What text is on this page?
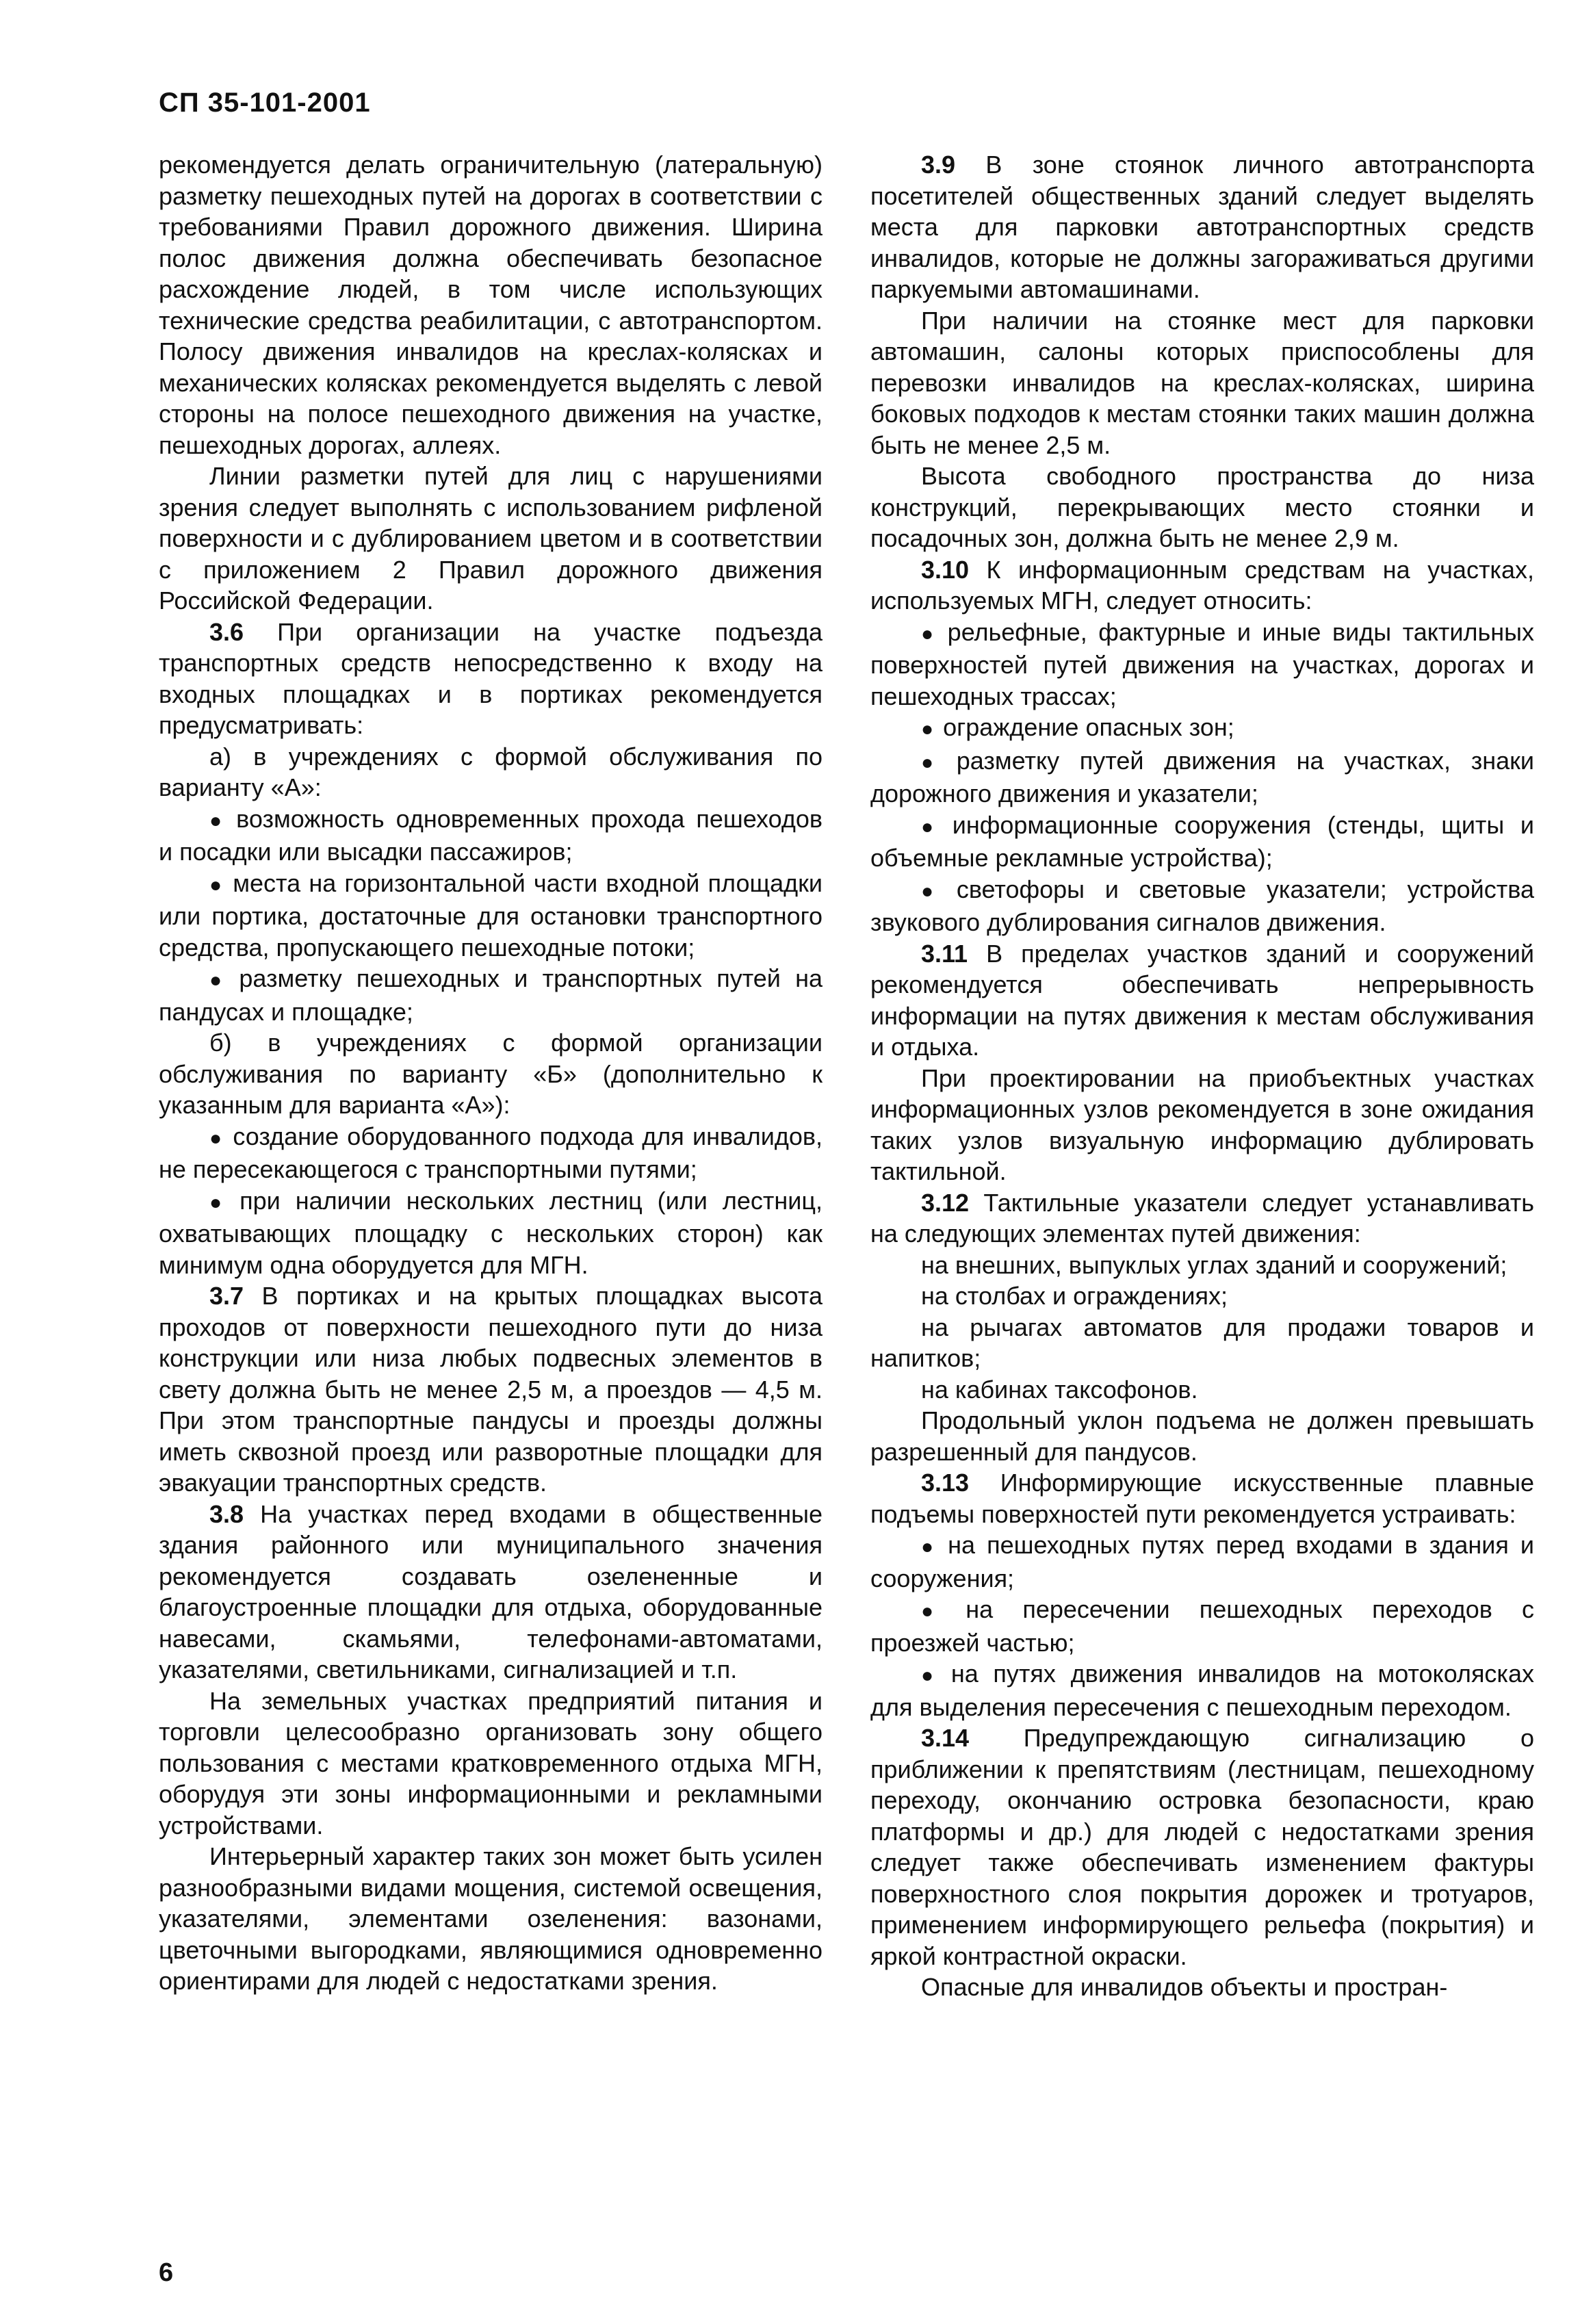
СП 35-101-2001

рекомендуется делать ограничительную (латеральную) разметку пешеходных путей на дорогах в соответствии с требованиями Правил дорожного движения. Ширина полос движения должна обеспечивать безопасное расхождение людей, в том числе использующих технические средства реабилитации, с автотранспортом. Полосу движения инвалидов на креслах-колясках и механических колясках рекомендуется выделять с левой стороны на полосе пешеходного движения на участке, пешеходных дорогах, аллеях.

Линии разметки путей для лиц с нарушениями зрения следует выполнять с использованием рифленой поверхности и с дублированием цветом и в соответствии с приложением 2 Правил дорожного движения Российской Федерации.

3.6 При организации на участке подъезда транспортных средств непосредственно к входу на входных площадках и в портиках рекомендуется предусматривать:

а) в учреждениях с формой обслуживания по варианту «А»:

● возможность одновременных прохода пешеходов и посадки или высадки пассажиров;

● места на горизонтальной части входной площадки или портика, достаточные для остановки транспортного средства, пропускающего пешеходные потоки;

● разметку пешеходных и транспортных путей на пандусах и площадке;

б) в учреждениях с формой организации обслуживания по варианту «Б» (дополнительно к указанным для варианта «А»):

● создание оборудованного подхода для инвалидов, не пересекающегося с транспортными путями;

● при наличии нескольких лестниц (или лестниц, охватывающих площадку с нескольких сторон) как минимум одна оборудуется для МГН.

3.7 В портиках и на крытых площадках высота проходов от поверхности пешеходного пути до низа конструкции или низа любых подвесных элементов в свету должна быть не менее 2,5 м, а проездов — 4,5 м. При этом транспортные пандусы и проезды должны иметь сквозной проезд или разворотные площадки для эвакуации транспортных средств.

3.8 На участках перед входами в общественные здания районного или муниципального значения рекомендуется создавать озелененные и благоустроенные площадки для отдыха, оборудованные навесами, скамьями, телефонами-автоматами, указателями, светильниками, сигнализацией и т.п.

На земельных участках предприятий питания и торговли целесообразно организовать зону общего пользования с местами кратковременного отдыха МГН, оборудуя эти зоны информационными и рекламными устройствами.

Интерьерный характер таких зон может быть усилен разнообразными видами мощения, системой освещения, указателями, элементами озеленения: вазонами, цветочными выгородками, являющимися одновременно ориентирами для людей с недостатками зрения.

3.9 В зоне стоянок личного автотранспорта посетителей общественных зданий следует выделять места для парковки автотранспортных средств инвалидов, которые не должны загораживаться другими паркуемыми автомашинами.

При наличии на стоянке мест для парковки автомашин, салоны которых приспособлены для перевозки инвалидов на креслах-колясках, ширина боковых подходов к местам стоянки таких машин должна быть не менее 2,5 м.

Высота свободного пространства до низа конструкций, перекрывающих место стоянки и посадочных зон, должна быть не менее 2,9 м.

3.10 К информационным средствам на участках, используемых МГН, следует относить:

● рельефные, фактурные и иные виды тактильных поверхностей путей движения на участках, дорогах и пешеходных трассах;

● ограждение опасных зон;

● разметку путей движения на участках, знаки дорожного движения и указатели;

● информационные сооружения (стенды, щиты и объемные рекламные устройства);

● светофоры и световые указатели; устройства звукового дублирования сигналов движения.

3.11 В пределах участков зданий и сооружений рекомендуется обеспечивать непрерывность информации на путях движения к местам обслуживания и отдыха.

При проектировании на приобъектных участках информационных узлов рекомендуется в зоне ожидания таких узлов визуальную информацию дублировать тактильной.

3.12 Тактильные указатели следует устанавливать на следующих элементах путей движения:

на внешних, выпуклых углах зданий и сооружений;

на столбах и ограждениях;

на рычагах автоматов для продажи товаров и напитков;

на кабинах таксофонов.

Продольный уклон подъема не должен превышать разрешенный для пандусов.

3.13 Информирующие искусственные плавные подъемы поверхностей пути рекомендуется устраивать:

● на пешеходных путях перед входами в здания и сооружения;

● на пересечении пешеходных переходов с проезжей частью;

● на путях движения инвалидов на мотоколясках для выделения пересечения с пешеходным переходом.

3.14 Предупреждающую сигнализацию о приближении к препятствиям (лестницам, пешеходному переходу, окончанию островка безопасности, краю платформы и др.) для людей с недостатками зрения следует также обеспечивать изменением фактуры поверхностного слоя покрытия дорожек и тротуаров, применением информирующего рельефа (покрытия) и яркой контрастной окраски.

Опасные для инвалидов объекты и простран-

6
